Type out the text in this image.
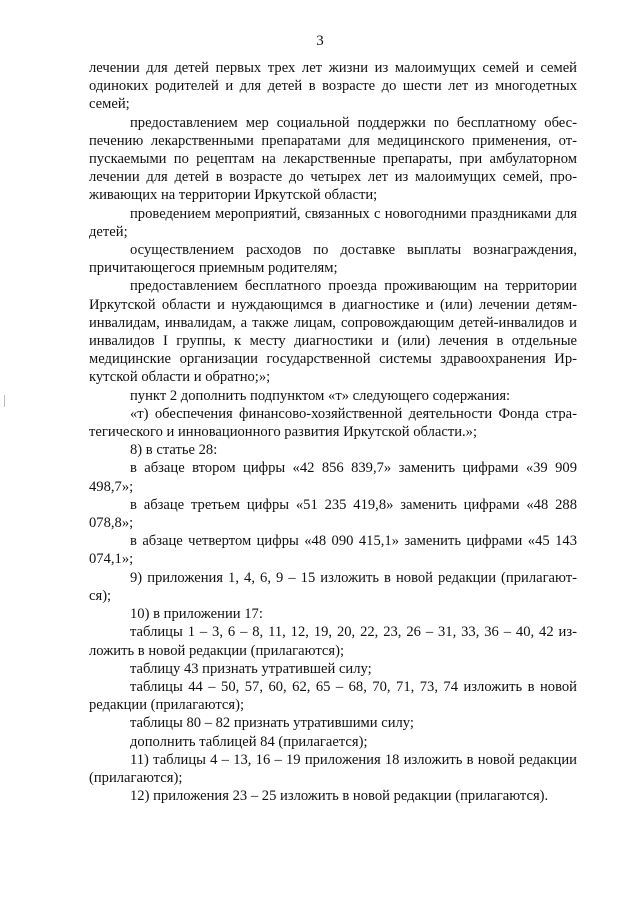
3

лечении для детей первых трех лет жизни из малоимущих семей и семей одиноких родителей и для детей в возрасте до шести лет из многодетных семей;

предоставлением мер социальной поддержки по бесплатному обеспечению лекарственными препаратами для медицинского применения, отпускаемыми по рецептам на лекарственные препараты, при амбулаторном лечении для детей в возрасте до четырех лет из малоимущих семей, проживающих на территории Иркутской области;

проведением мероприятий, связанных с новогодними праздниками для детей;

осуществлением расходов по доставке выплаты вознаграждения, причитающегося приемным родителям;

предоставлением бесплатного проезда проживающим на территории Иркутской области и нуждающимся в диагностике и (или) лечении детям-инвалидам, инвалидам, а также лицам, сопровождающим детей-инвалидов и инвалидов I группы, к месту диагностики и (или) лечения в отдельные медицинские организации государственной системы здравоохранения Иркутской области и обратно;»;

пункт 2 дополнить подпунктом «т» следующего содержания:

«т) обеспечения финансово-хозяйственной деятельности Фонда стратегического и инновационного развития Иркутской области.»;

8) в статье 28:

в абзаце втором цифры «42 856 839,7» заменить цифрами «39 909 498,7»;

в абзаце третьем цифры «51 235 419,8» заменить цифрами «48 288 078,8»;

в абзаце четвертом цифры «48 090 415,1» заменить цифрами «45 143 074,1»;

9) приложения 1, 4, 6, 9 – 15 изложить в новой редакции (прилагаются);

10) в приложении 17:

таблицы 1 – 3, 6 – 8, 11, 12, 19, 20, 22, 23, 26 – 31, 33, 36 – 40, 42 изложить в новой редакции (прилагаются);

таблицу 43 признать утратившей силу;

таблицы 44 – 50, 57, 60, 62, 65 – 68, 70, 71, 73, 74 изложить в новой редакции (прилагаются);

таблицы 80 – 82 признать утратившими силу;

дополнить таблицей 84 (прилагается);

11) таблицы 4 – 13, 16 – 19 приложения 18 изложить в новой редакции (прилагаются);

12) приложения 23 – 25 изложить в новой редакции (прилагаются).
